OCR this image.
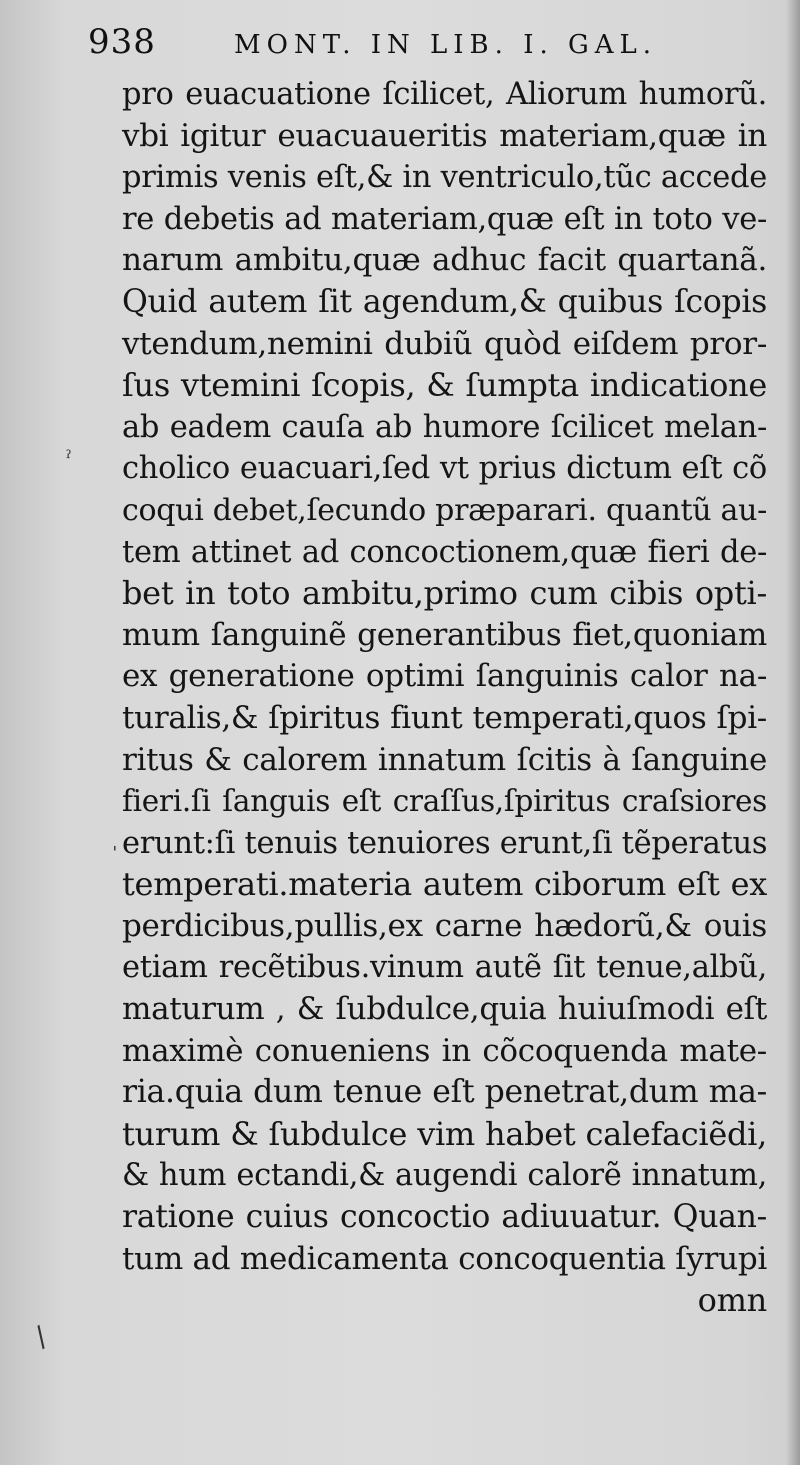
938	MONT. IN LIB. I. GAL.
ˀ
ˈ
/
pro euacuatione ſcilicet, Aliorum humorũ.
vbi igitur euacuaueritis materiam,quæ in
primis venis eſt,& in ventriculo,tũc accede
re debetis ad materiam,quæ eſt in toto ve-
narum ambitu,quæ adhuc facit quartanã.
Quid autem ſit agendum,& quibus ſcopis
vtendum,nemini dubiũ quòd eiſdem pror-
ſus vtemini ſcopis, & ſumpta indicatione
ab eadem cauſa ab humore ſcilicet melan-
cholico euacuari,ſed vt prius dictum eſt cõ
coqui debet,ſecundo præparari. quantũ au-
tem attinet ad concoctionem,quæ fieri de-
bet in toto ambitu,primo cum cibis opti-
mum ſanguinẽ generantibus fiet,quoniam
ex generatione optimi ſanguinis calor na-
turalis,& ſpiritus fiunt temperati,quos ſpi-
ritus & calorem innatum ſcitis à ſanguine
fieri.ſi ſanguis eſt craſſus,ſpiritus craſsiores
erunt:ſi tenuis tenuiores erunt,ſi tẽperatus
temperati.materia autem ciborum eſt ex
perdicibus,pullis,ex carne hædorũ,& ouis
etiam recẽtibus.vinum autẽ ſit tenue,albũ,
maturum , & ſubdulce,quia huiuſmodi eſt
maximè conueniens in cõcoquenda mate-
ria.quia dum tenue eſt penetrat,dum ma-
turum & ſubdulce vim habet calefaciẽdi,
& hum ectandi,& augendi calorẽ innatum,
ratione cuius concoctio adiuuatur. Quan-
tum ad medicamenta concoquentia ſyrupi
omn
